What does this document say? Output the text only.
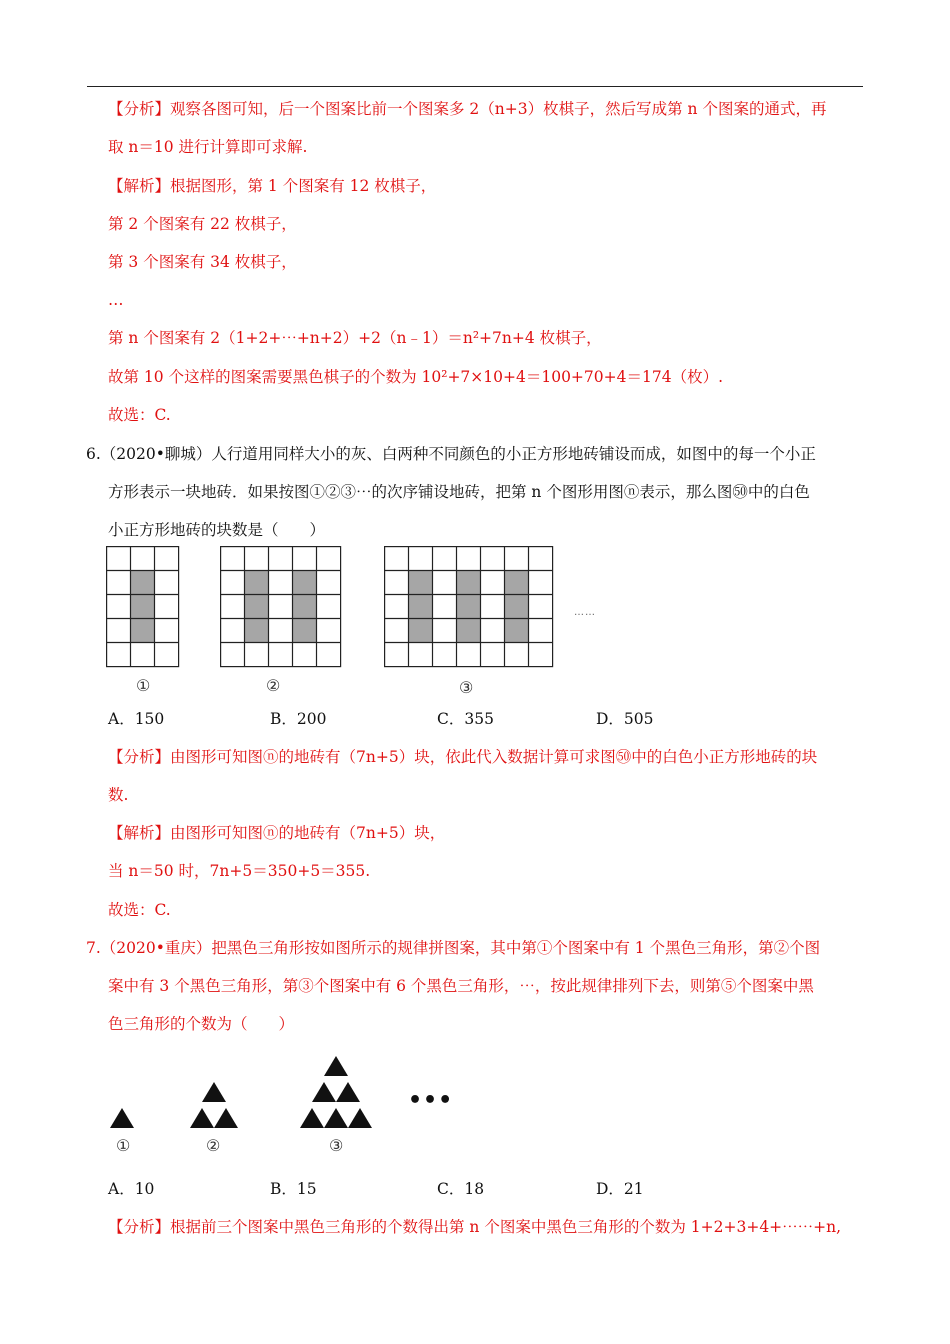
【分析】观察各图可知，后一个图案比前一个图案多 2（n+3）枚棋子，然后写成第 n 个图案的通式，再
取 n＝10 进行计算即可求解.
【解析】根据图形，第 1 个图案有 12 枚棋子，
第 2 个图案有 22 枚棋子，
第 3 个图案有 34 枚棋子，
…
第 n 个图案有 2（1+2+⋯+n+2）+2（n﹣1）＝n²+7n+4 枚棋子，
故第 10 个这样的图案需要黑色棋子的个数为 10²+7×10+4＝100+70+4＝174（枚）.
故选：C.
6.（2020•聊城）人行道用同样大小的灰、白两种不同颜色的小正方形地砖铺设而成，如图中的每一个小正
方形表示一块地砖．如果按图①②③⋯的次序铺设地砖，把第 n 个图形用图ⓝ表示，那么图㊿中的白色
小正方形地砖的块数是（　　）
……
①	②	③
A．150	B．200	C．355	D．505
【分析】由图形可知图ⓝ的地砖有（7n+5）块，依此代入数据计算可求图㊿中的白色小正方形地砖的块
数.
【解析】由图形可知图ⓝ的地砖有（7n+5）块，
当 n＝50 时，7n+5＝350+5＝355.
故选：C.
7.（2020•重庆）把黑色三角形按如图所示的规律拼图案，其中第①个图案中有 1 个黑色三角形，第②个图
案中有 3 个黑色三角形，第③个图案中有 6 个黑色三角形，⋯，按此规律排列下去，则第⑤个图案中黑
色三角形的个数为（　　）
•••
①	②	③
A．10	B．15	C．18	D．21
【分析】根据前三个图案中黑色三角形的个数得出第 n 个图案中黑色三角形的个数为 1+2+3+4+⋯⋯+n,
